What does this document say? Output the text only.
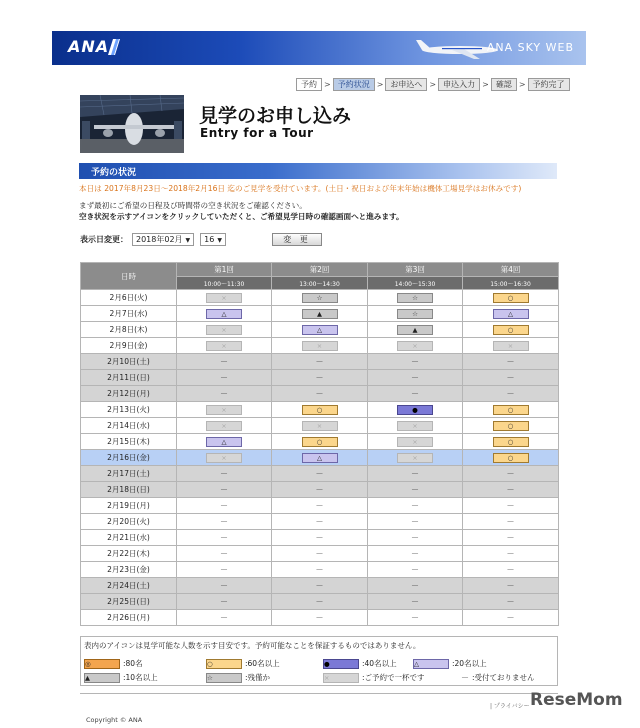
ANA	ANA SKY WEB
予約 > 予約状況 > お申込へ > 申込入力 > 確認 > 予約完了
見学のお申し込み
Entry for a Tour
予約の状況
本日は 2017年8月23日～2018年2月16日 迄のご見学を受付ています。(土日・祝日および年末年始は機体工場見学はお休みです)
まず最初にご希望の日程及び時間帯の空き状況をご確認ください。
空き状況を示すアイコンをクリックしていただくと、ご希望見学日時の確認画面へと進みます。
表示日変更：	2018年02月 ▼	16 ▼	変 更
日時	第1回	第2回	第3回	第4回
	10:00～11:30	13:00～14:30	14:00～15:30	15:00～16:30
2月6日(火)	×	☆	☆	○
2月7日(水)	△	▲	☆	△
2月8日(木)	×	△	▲	○
2月9日(金)	×	×	×	×
2月10日(土)	－	－	－	－
2月11日(日)	－	－	－	－
2月12日(月)	－	－	－	－
2月13日(火)	×	○	●	○
2月14日(水)	×	×	×	○
2月15日(木)	△	○	×	○
2月16日(金)	×	△	×	○
2月17日(土)	－	－	－	－
2月18日(日)	－	－	－	－
2月19日(月)	－	－	－	－
2月20日(火)	－	－	－	－
2月21日(水)	－	－	－	－
2月22日(木)	－	－	－	－
2月23日(金)	－	－	－	－
2月24日(土)	－	－	－	－
2月25日(日)	－	－	－	－
2月26日(月)	－	－	－	－
表内のアイコンは見学可能な人数を示す目安です。予約可能なことを保証するものではありません。
◎	:80名	○	:60名以上	●	:40名以上	△	:20名以上
▲	:10名以上	☆	:残僅か	×	:ご予約で一杯です	－ :受付ておりません
| プライバシー
Copyright © ANA
ReseMom
